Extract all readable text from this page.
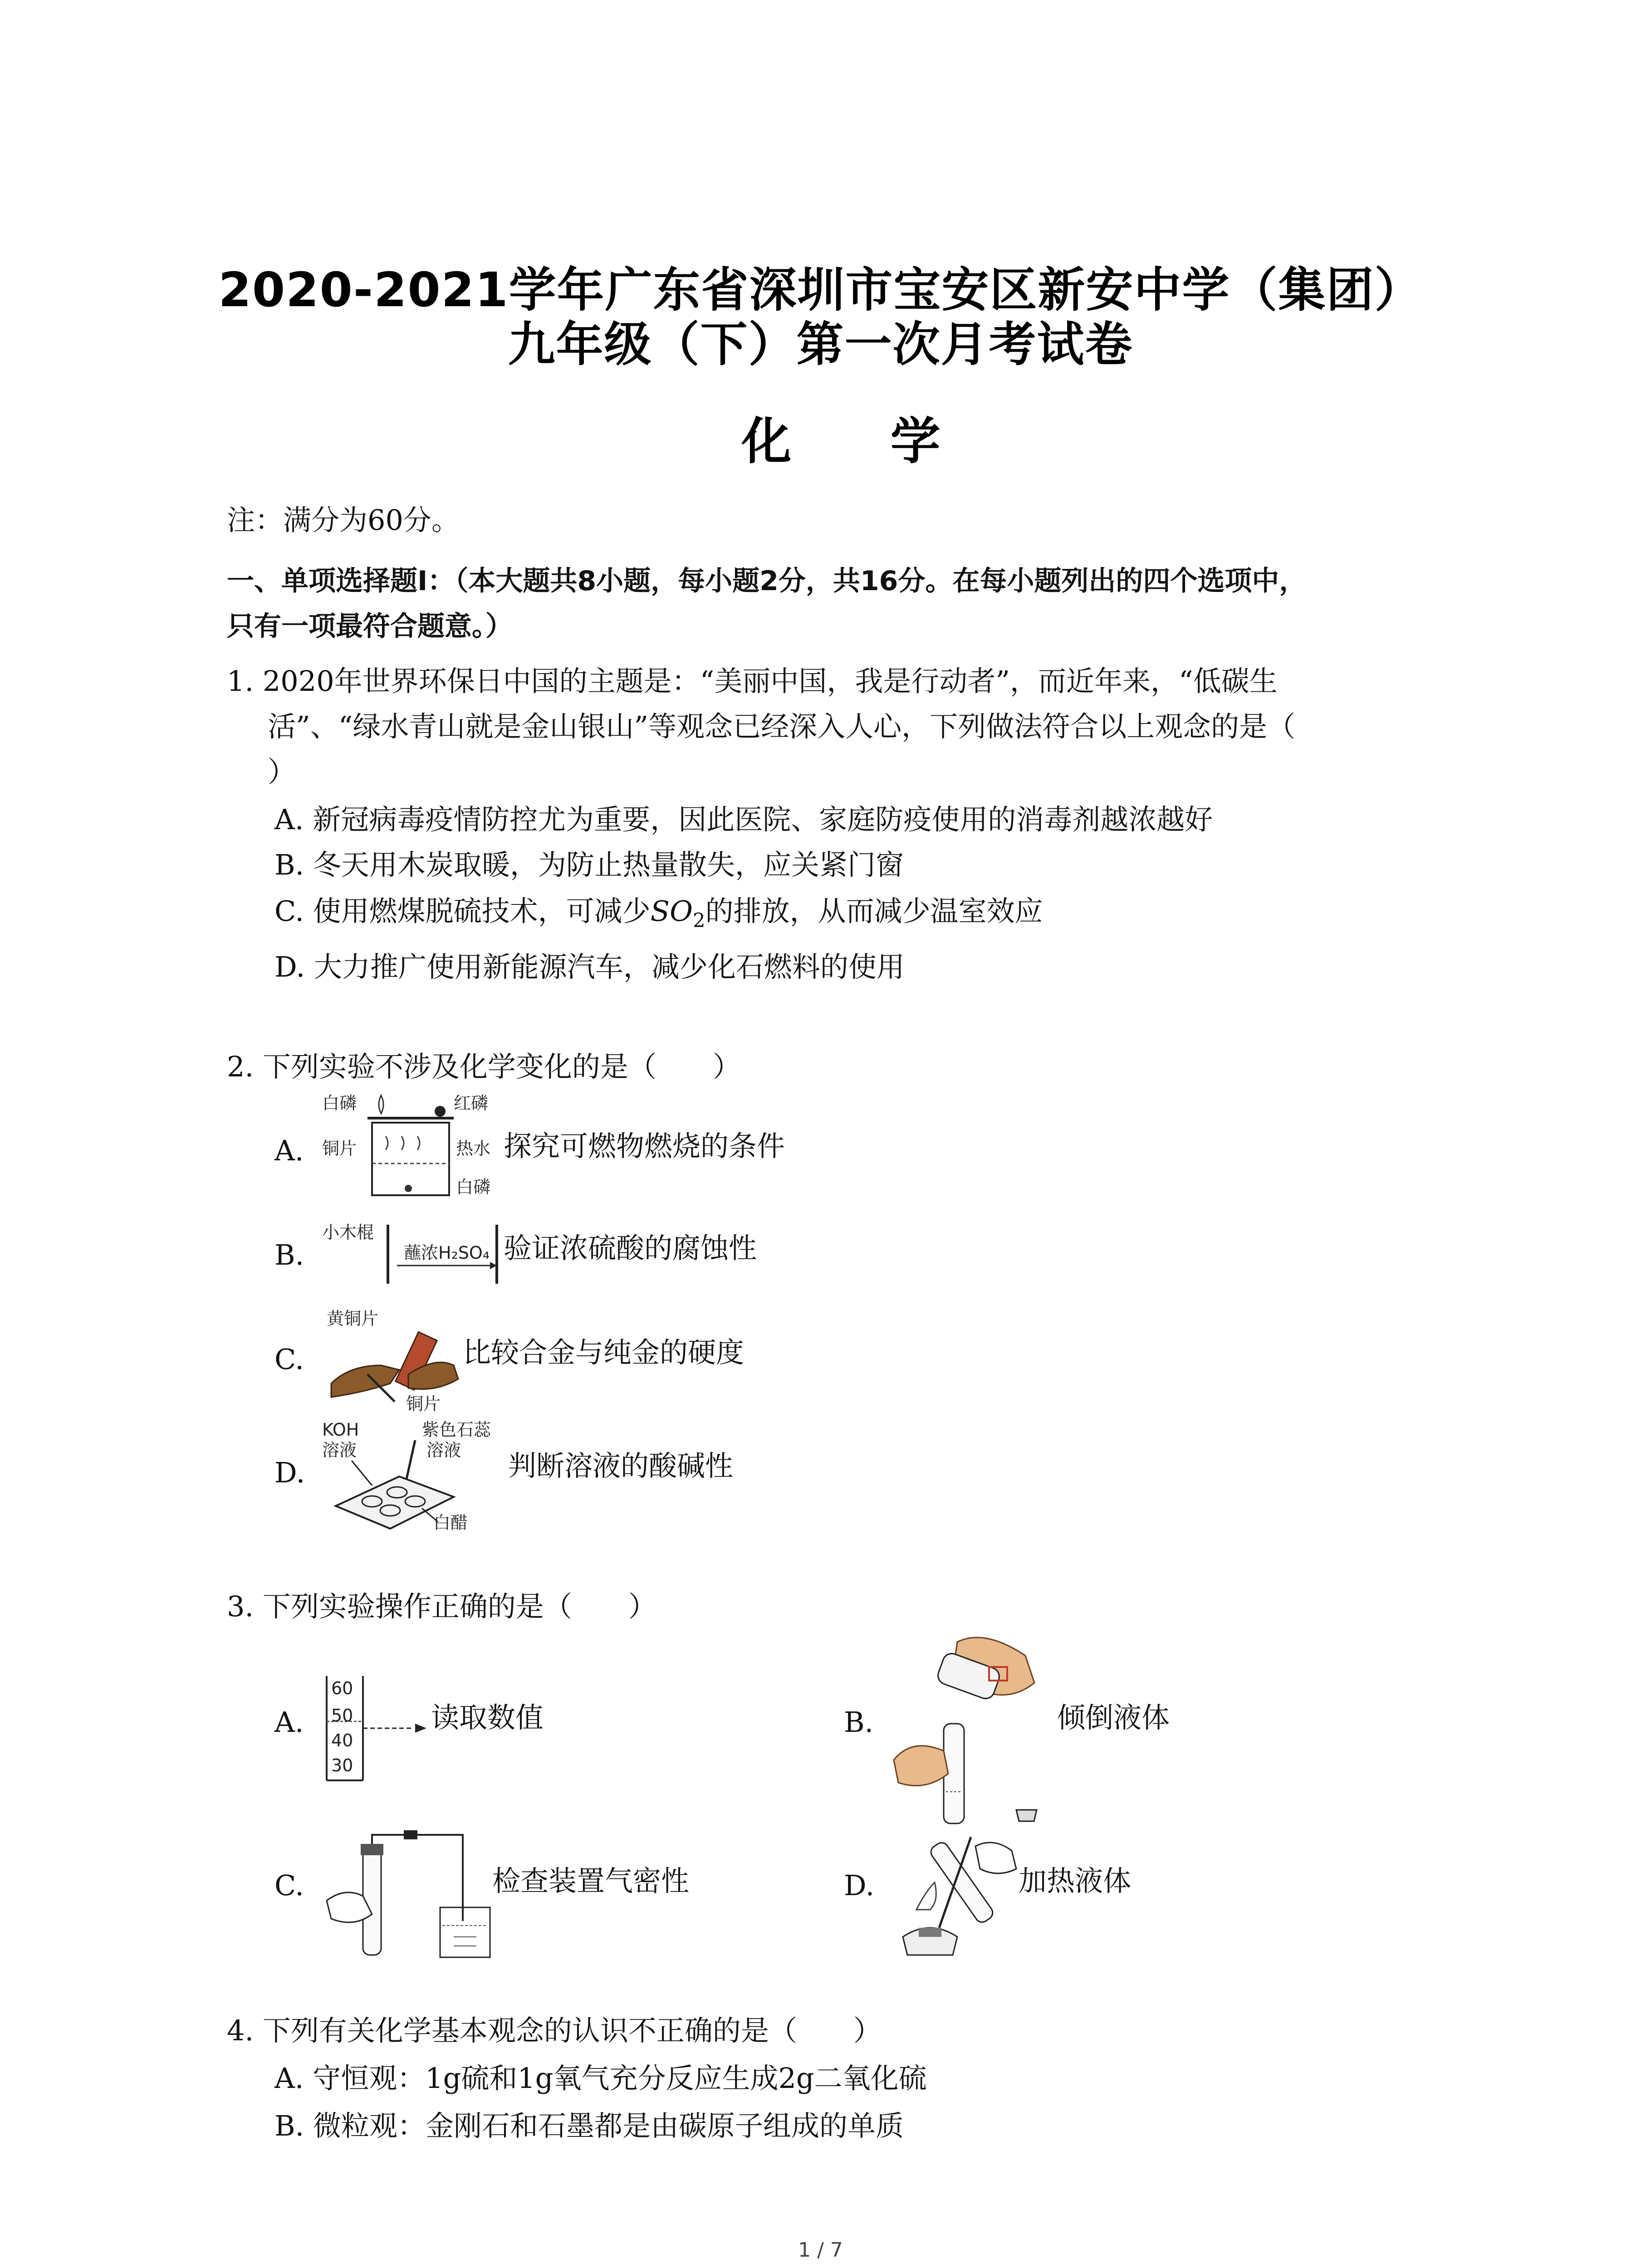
2020-2021学年广东省深圳市宝安区新安中学（集团）
九年级（下）第一次月考试卷
化 学
注：满分为60分。
一、单项选择题Ⅰ：（本大题共8小题，每小题2分，共16分。在每小题列出的四个选项中，
只有一项最符合题意。）
1. 2020年世界环保日中国的主题是：“美丽中国，我是行动者”，而近年来，“低碳生
活”、“绿水青山就是金山银山”等观念已经深入人心，下列做法符合以上观念的是（
）
A. 新冠病毒疫情防控尤为重要，因此医院、家庭防疫使用的消毒剂越浓越好
B. 冬天用木炭取暖，为防止热量散失，应关紧门窗
C. 使用燃煤脱硫技术，可减少$SO_2$的排放，从而减少温室效应
D. 大力推广使用新能源汽车，减少化石燃料的使用
2. 下列实验不涉及化学变化的是（　　）
A.
白磷	红磷
铜片	热水
白磷
探究可燃物燃烧的条件
B.
小木棍
蘸浓H₂SO₄ 验证浓硫酸的腐蚀性
C.
黄铜片
铜片
比较合金与纯金的硬度
D.
KOH
溶液
紫色石蕊
溶液
白醋
判断溶液的酸碱性
3. 下列实验操作正确的是（　　）
A.
60
50
40
30
读取数值	B.	倾倒液体
C.	检查装置气密性	D.	加热液体
4. 下列有关化学基本观念的认识不正确的是（　　）
A. 守恒观：1g硫和1g氧气充分反应生成2g二氧化硫
B. 微粒观：金刚石和石墨都是由碳原子组成的单质
1 / 7
